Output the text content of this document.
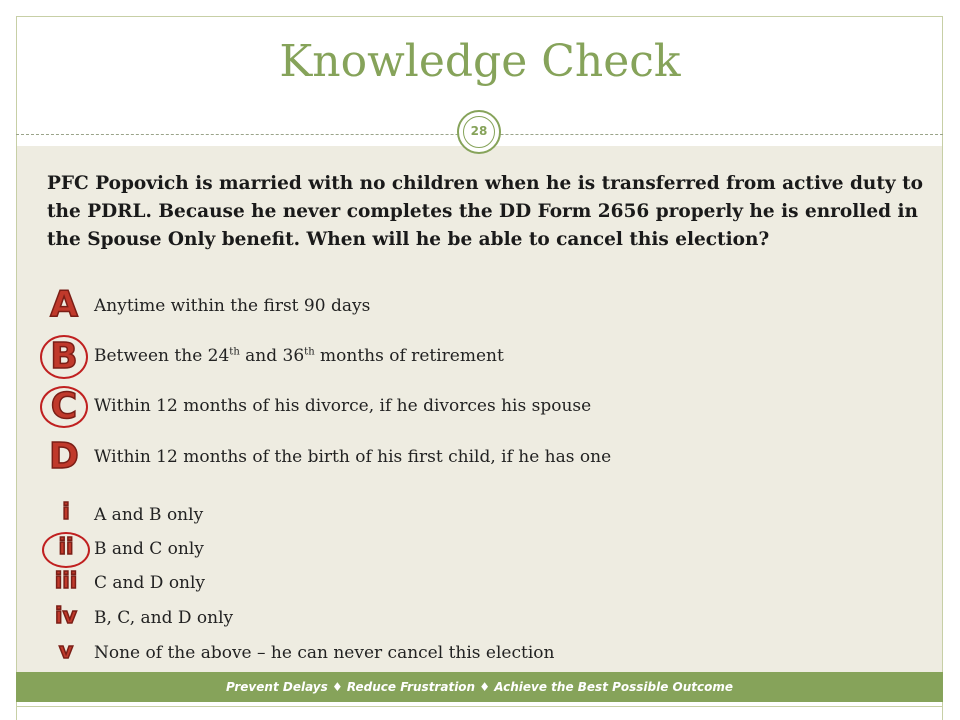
Knowledge Check
28
PFC Popovich is married with no children when he is transferred from active duty to the PDRL. Because he never completes the DD Form 2656 properly he is enrolled in the Spouse Only benefit. When will he be able to cancel this election?
A
B
C
D
Anytime within the first 90 days
Between the 24th and 36th months of retirement
Within 12 months of his divorce, if he divorces his spouse
Within 12 months of the birth of his first child, if he has one
i
ii
iii
iv
v
A and B only
B and C only
C and D only
B, C, and D only
None of the above – he can never cancel this election
Prevent Delays ♦ Reduce Frustration ♦ Achieve the Best Possible Outcome
